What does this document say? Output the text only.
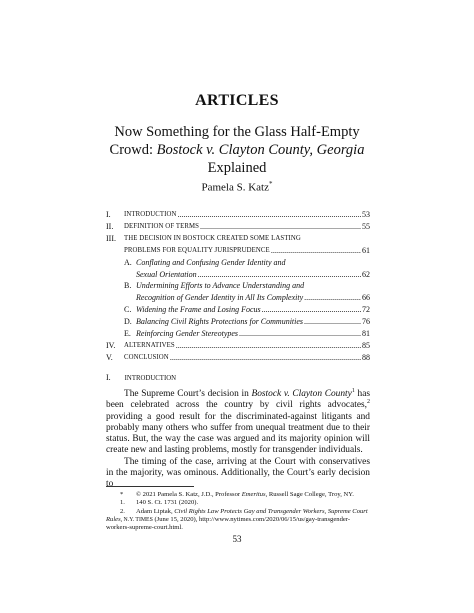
ARTICLES
Now Something for the Glass Half-Empty
Crowd: Bostock v. Clayton County, Georgia
Explained
Pamela S. Katz*
I.	INTRODUCTION .....	53
II.	DEFINITION OF TERMS .....	55
III.	THE DECISION IN BOSTOCK CREATED SOME LASTING
PROBLEMS FOR EQUALITY JURISPRUDENCE .....	61
A. Conflating and Confusing Gender Identity and
Sexual Orientation .....	62
B. Undermining Efforts to Advance Understanding and
Recognition of Gender Identity in All Its Complexity .....	66
C. Widening the Frame and Losing Focus .....	72
D. Balancing Civil Rights Protections for Communities .....	76
E. Reinforcing Gender Stereotypes .....	81
IV.	ALTERNATIVES .....	85
V.	CONCLUSION .....	88
I. INTRODUCTION

The Supreme Court’s decision in Bostock v. Clayton County$^1$ has been celebrated across the country by civil rights advocates,$^2$ providing a good result for the discriminated-against litigants and probably many others who suffer from unequal treatment due to their status. But, the way the case was argued and its majority opinion will create new and lasting problems, mostly for transgender individuals.

The timing of the case, arriving at the Court with conservatives in the majority, was ominous. Additionally, the Court’s early decision to

* © 2021 Pamela S. Katz, J.D., Professor Emeritus, Russell Sage College, Troy, NY.
1. 140 S. Ct. 1731 (2020).
2. Adam Liptak, Civil Rights Law Protects Gay and Transgender Workers, Supreme Court Rules, N.Y. TIMES (June 15, 2020), http://www.nytimes.com/2020/06/15/us/gay-transgender-workers-supreme-court.html.
53
